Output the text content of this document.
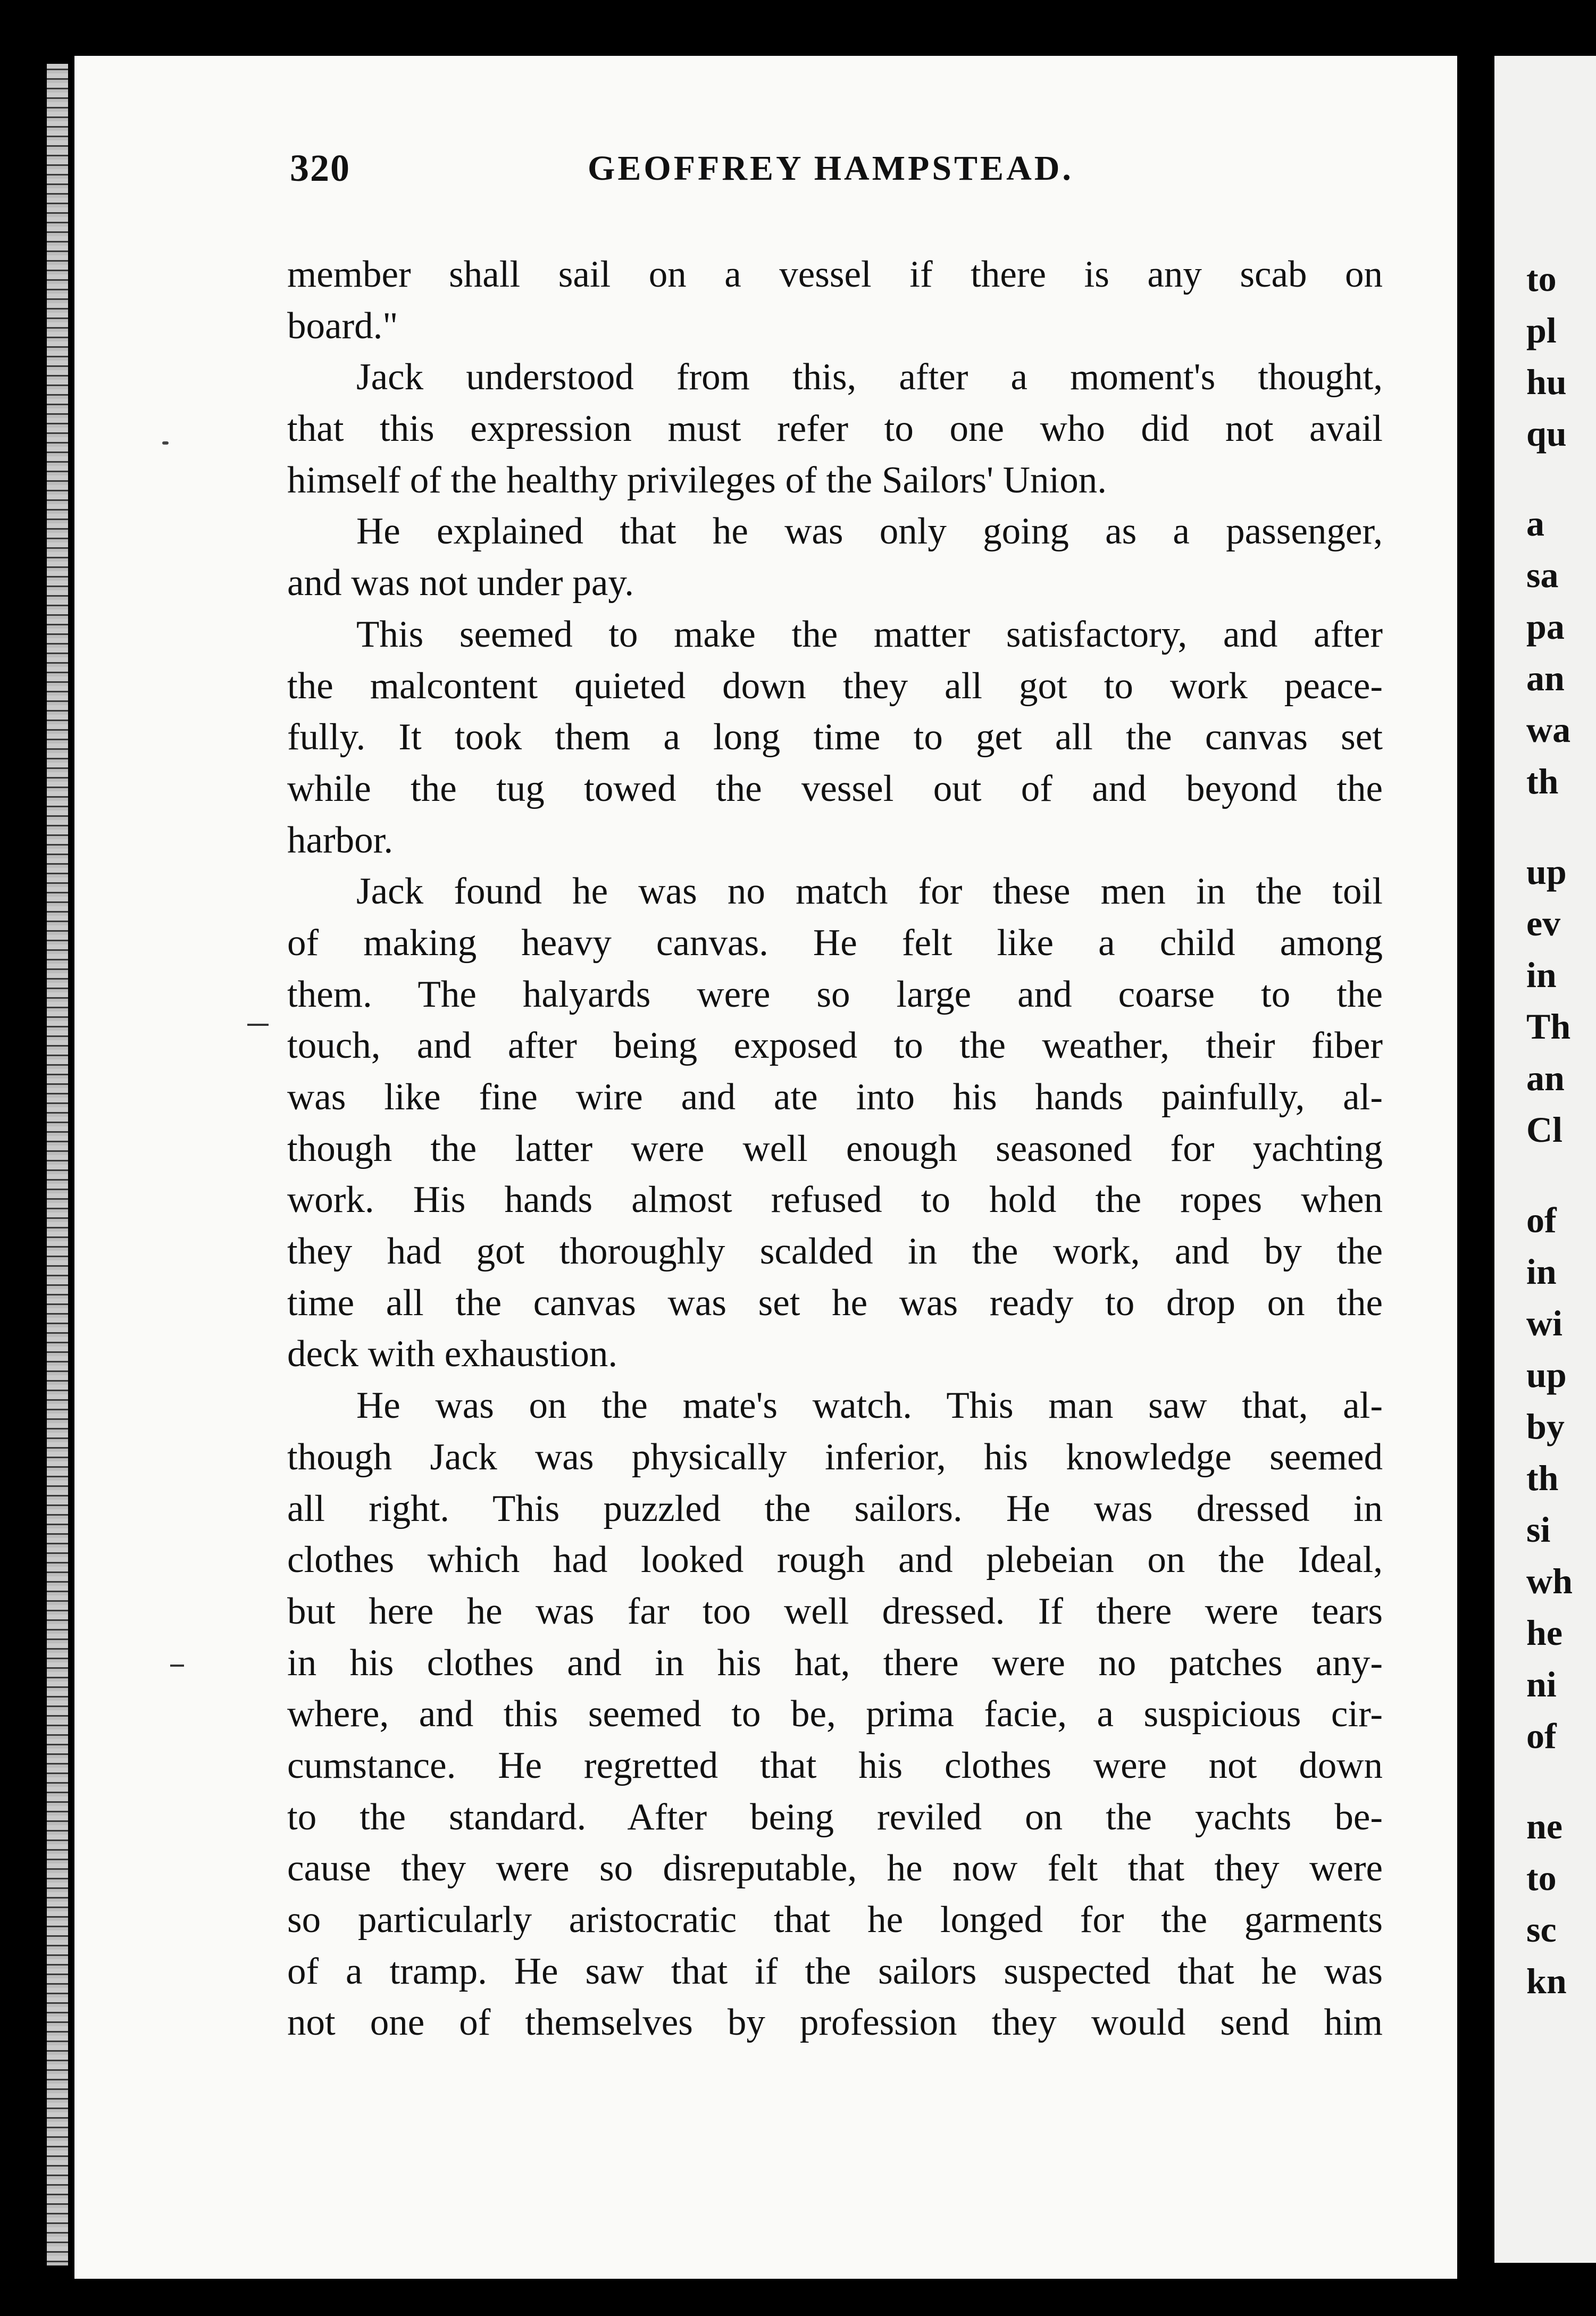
320	GEOFFREY HAMPSTEAD.
member shall sail on a vessel if there is any scab on
board."
Jack understood from this, after a moment's thought,
that this expression must refer to one who did not avail
himself of the healthy privileges of the Sailors' Union.
He explained that he was only going as a passenger,
and was not under pay.
This seemed to make the matter satisfactory, and after
the malcontent quieted down they all got to work peace-
fully. It took them a long time to get all the canvas set
while the tug towed the vessel out of and beyond the
harbor.
Jack found he was no match for these men in the toil
of making heavy canvas. He felt like a child among
them. The halyards were so large and coarse to the
touch, and after being exposed to the weather, their fiber
was like fine wire and ate into his hands painfully, al-
though the latter were well enough seasoned for yachting
work. His hands almost refused to hold the ropes when
they had got thoroughly scalded in the work, and by the
time all the canvas was set he was ready to drop on the
deck with exhaustion.
He was on the mate's watch. This man saw that, al-
though Jack was physically inferior, his knowledge seemed
all right. This puzzled the sailors. He was dressed in
clothes which had looked rough and plebeian on the Ideal,
but here he was far too well dressed. If there were tears
in his clothes and in his hat, there were no patches any-
where, and this seemed to be, prima facie, a suspicious cir-
cumstance. He regretted that his clothes were not down
to the standard. After being reviled on the yachts be-
cause they were so disreputable, he now felt that they were
so particularly aristocratic that he longed for the garments
of a tramp. He saw that if the sailors suspected that he was
not one of themselves by profession they would send him
to
pl
hu
qu
a
sa
pa
an
wa
th
up
ev
in
Th
an
Cl
of
in
wi
up
by
th
si
wh
he
ni
of
ne
to
sc
kn
